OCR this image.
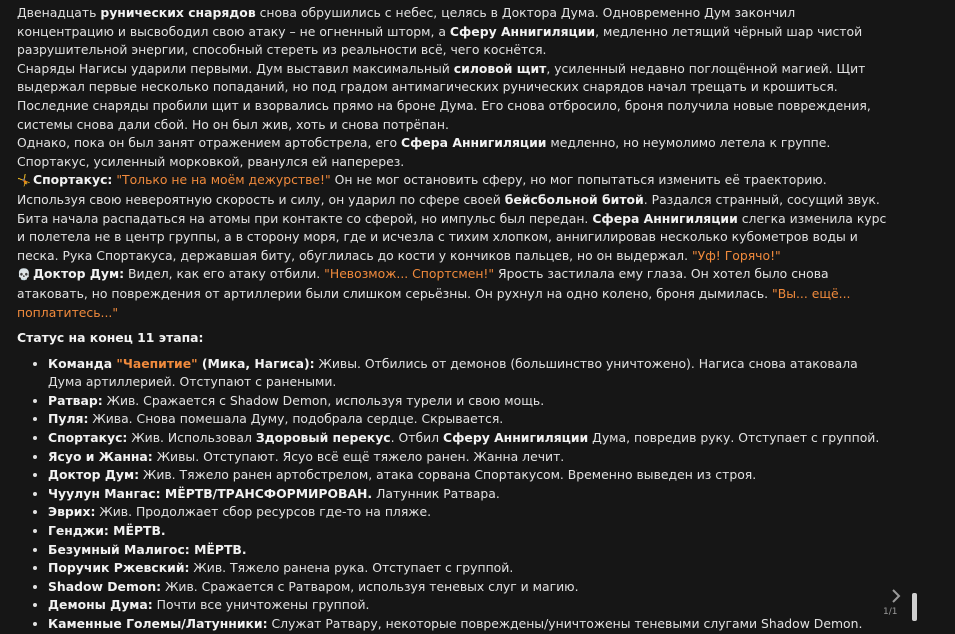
Двенадцать рунических снарядов снова обрушились с небес, целясь в Доктора Дума. Одновременно Дум закончил концентрацию и высвободил свою атаку – не огненный шторм, а Сферу Аннигиляции, медленно летящий чёрный шар чистой разрушительной энергии, способный стереть из реальности всё, чего коснётся.

Снаряды Нагисы ударили первыми. Дум выставил максимальный силовой щит, усиленный недавно поглощённой магией. Щит выдержал первые несколько попаданий, но под градом антимагических рунических снарядов начал трещать и крошиться. Последние снаряды пробили щит и взорвались прямо на броне Дума. Его снова отбросило, броня получила новые повреждения, системы снова дали сбой. Но он был жив, хоть и снова потрёпан.

Однако, пока он был занят отражением артобстрела, его Сфера Аннигиляции медленно, но неумолимо летела к группе. Спортакус, усиленный морковкой, рванулся ей наперерез.

🤸 Спортакус: "Только не на моём дежурстве!" Он не мог остановить сферу, но мог попытаться изменить её траекторию. Используя свою невероятную скорость и силу, он ударил по сфере своей бейсбольной битой. Раздался странный, сосущий звук. Бита начала распадаться на атомы при контакте со сферой, но импульс был передан. Сфера Аннигиляции слегка изменила курс и полетела не в центр группы, а в сторону моря, где и исчезла с тихим хлопком, аннигилировав несколько кубометров воды и песка. Рука Спортакуса, державшая биту, обуглилась до кости у кончиков пальцев, но он выдержал. "Уф! Горячо!"

💀 Доктор Дум: Видел, как его атаку отбили. "Невозмож... Спортсмен!" Ярость застилала ему глаза. Он хотел было снова атаковать, но повреждения от артиллерии были слишком серьёзны. Он рухнул на одно колено, броня дымилась. "Вы... ещё... поплатитесь..."

Статус на конец 11 этапа:

• Команда "Чаепитие" (Мика, Нагиса): Живы. Отбились от демонов (большинство уничтожено). Нагиса снова атаковала Дума артиллерией. Отступают с ранеными.
• Ратвар: Жив. Сражается с Shadow Demon, используя турели и свою мощь.
• Пуля: Жива. Снова помешала Думу, подобрала сердце. Скрывается.
• Спортакус: Жив. Использовал Здоровый перекус. Отбил Сферу Аннигиляции Дума, повредив руку. Отступает с группой.
• Ясуо и Жанна: Живы. Отступают. Ясуо всё ещё тяжело ранен. Жанна лечит.
• Доктор Дум: Жив. Тяжело ранен артобстрелом, атака сорвана Спортакусом. Временно выведен из строя.
• Чуулун Мангас: МЁРТВ/ТРАНСФОРМИРОВАН. Латунник Ратвара.
• Эврих: Жив. Продолжает сбор ресурсов где-то на пляже.
• Генджи: МЁРТВ.
• Безумный Малигос: МЁРТВ.
• Поручик Ржевский: Жив. Тяжело ранена рука. Отступает с группой.
• Shadow Demon: Жив. Сражается с Ратваром, используя теневых слуг и магию.
• Демоны Дума: Почти все уничтожены группой.
• Каменные Големы/Латунники: Служат Ратвару, некоторые повреждены/уничтожены теневыми слугами Shadow Demon.
1/1
